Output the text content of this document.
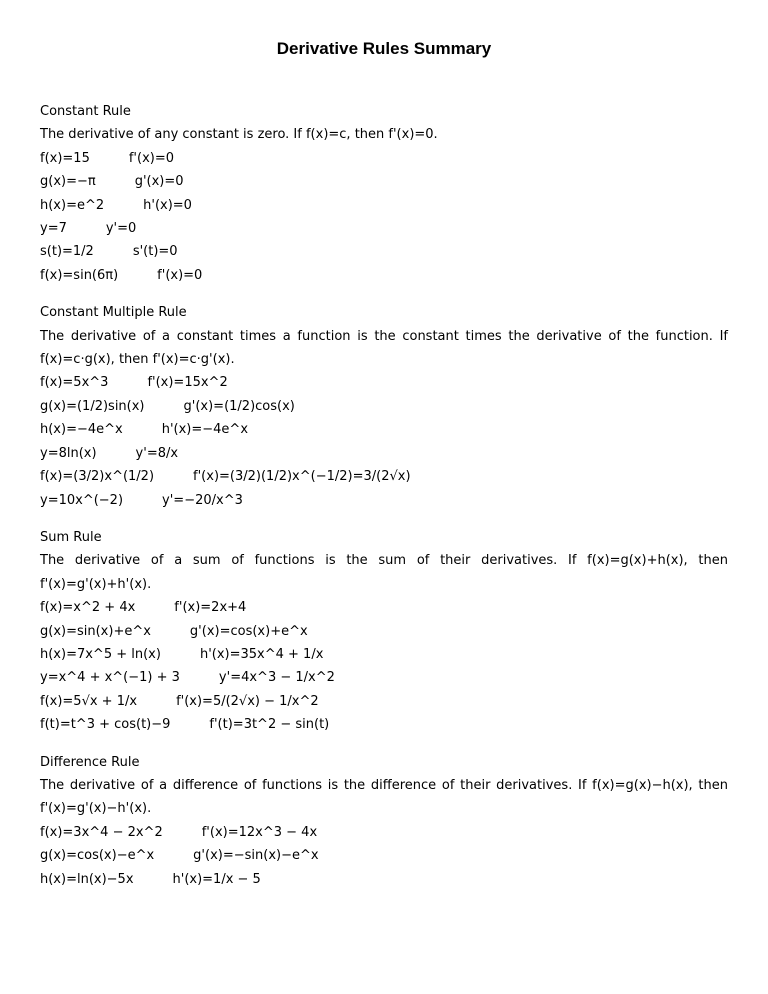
Derivative Rules Summary
Constant Rule
The derivative of any constant is zero. If f(x)=c, then f'(x)=0.
f(x)=15	f'(x)=0
g(x)=−π	g'(x)=0
h(x)=e^2	h'(x)=0
y=7	y'=0
s(t)=1/2	s'(t)=0
f(x)=sin(6π)	f'(x)=0
Constant Multiple Rule
The derivative of a constant times a function is the constant times the derivative of the function. If f(x)=c·g(x), then f'(x)=c·g'(x).
f(x)=5x^3	f'(x)=15x^2
g(x)=(1/2)sin(x)	g'(x)=(1/2)cos(x)
h(x)=−4e^x	h'(x)=−4e^x
y=8ln(x)	y'=8/x
f(x)=(3/2)x^(1/2)	f'(x)=(3/2)(1/2)x^(−1/2)=3/(2√x)
y=10x^(−2)	y'=−20/x^3
Sum Rule
The derivative of a sum of functions is the sum of their derivatives. If f(x)=g(x)+h(x), then f'(x)=g'(x)+h'(x).
f(x)=x^2 + 4x	f'(x)=2x+4
g(x)=sin(x)+e^x	g'(x)=cos(x)+e^x
h(x)=7x^5 + ln(x)	h'(x)=35x^4 + 1/x
y=x^4 + x^(−1) + 3	y'=4x^3 − 1/x^2
f(x)=5√x + 1/x	f'(x)=5/(2√x) − 1/x^2
f(t)=t^3 + cos(t)−9	f'(t)=3t^2 − sin(t)
Difference Rule
The derivative of a difference of functions is the difference of their derivatives. If f(x)=g(x)−h(x), then f'(x)=g'(x)−h'(x).
f(x)=3x^4 − 2x^2	f'(x)=12x^3 − 4x
g(x)=cos(x)−e^x	g'(x)=−sin(x)−e^x
h(x)=ln(x)−5x	h'(x)=1/x − 5
